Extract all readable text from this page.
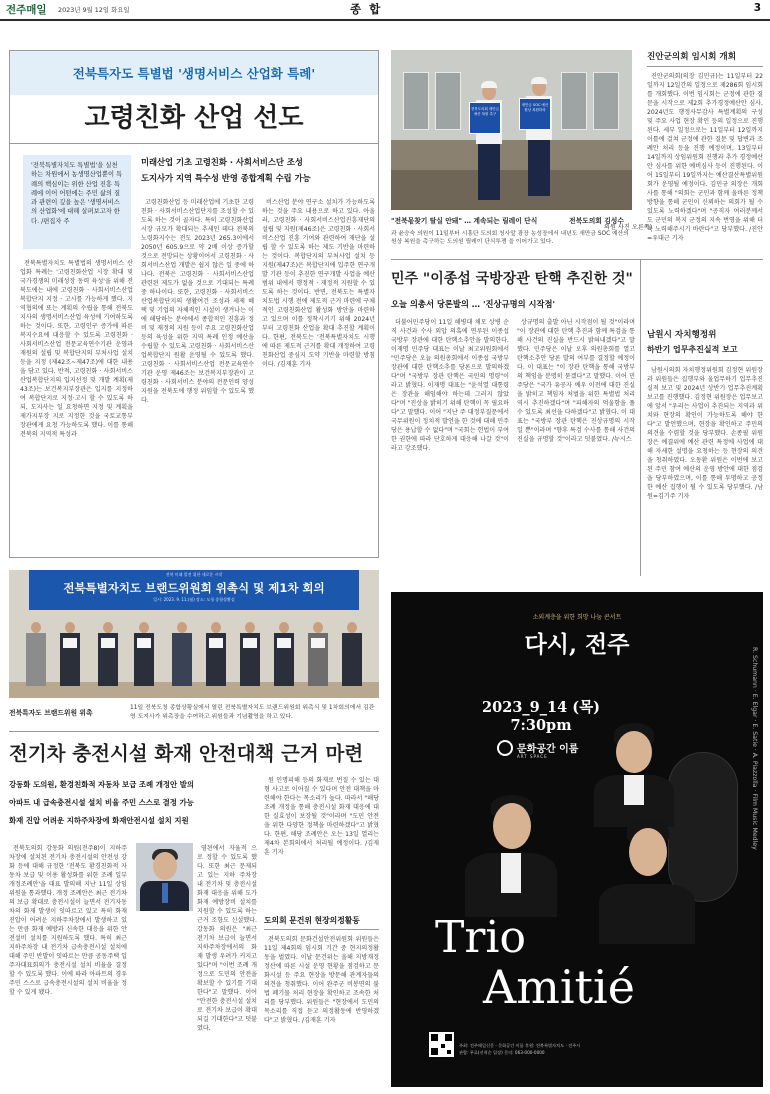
전주매일 2023년 9월 12일 화요일	종 합	3
전북특자도 특별법 '생명서비스 산업화 특례'
고령친화 산업 선도
'전북특별자치도 특별법'을 실천하는 차원에서 농생명산업뿐이 특례의 핵심이는 위한 산업 진흥 특례에 이어 어떤에는 주민 삶의 질과 관련이 깊을 높은 '생명서비스의 산업화'에 대해 살펴보고자 한다. /편집자 주
미래산업 기초 고령친화 · 사회서비스단 조성
도지사가 지역 특수성 반영 종합계획 수립 가능

전북특별자치도 특별법의 생명서비스 산업화 특례는 '고령친화산업 시장 확대 및 국가경쟁의 미래성장 동력 육성'을 위해 전북도에는 내에 고령친화 · 사회서비스산업복합단지 지정 · 고시를 가능하게 했다. 지역협의에 또는 계획의 수립을 통해 전북도지사의 생명서비스산업 육성에 기여하도록 하는 것이다. 또한, 고령인구 증가에 따른 복지수요에 대응할 수 있도록 고령친화 · 사회서비스산업 전문교육연수기관 운영과 재원의 설립 및 복합단지의 부처사업 설치 등을 지정 (제42조~제47조)에 대한 내용을 담고 있다. 반적, 고령친화 · 사회서비스산업복합단지의 입지선정 및 개발 계획(제43조)는 보건복지부장관은 입지를 지정하여 복합단지로 지정·고시 할 수 있도록 하되, 도지사는 일 요청하면 지정 및 계획을 제가지부장 지로 지정한 것을 국토교통부 장관에게 요청 가능하도록 했다. 이를 통해 전북의 지역적 특성과

고령친화산업 등 미래산업에 기초한 고령친화 · 사회서비스산업단지를 조성할 수 있도록 하는 것이 골자다. 특히 고령친화산업 시장 규모가 확대되는 추세인 데다 전북의 노령화지수는 전도 2023년 265.3이에서 2050년 605.9으로 약 2배 이상 증가할 것으로 전망되는 상황이어서 고령친화 · 사회서비스산업 개발은 쉽지 않은 일 중에 하나다. 전북은 고령친화 · 사회서비스산업 관련된 제도가 없을 것으로 기대되는 특례 중 하나이다. 또한, 고령친화 · 사회서비스산업복합단지의 생활여건 조성과 세제 혜택 및 기업의 자체적인 시설이 생겨나는 이에 해당하는 분야에서 종합적인 진흥과 정비 및 재정의 지원 등이 주요 고령친화산업 등의 육성을 위한 지역 특례 인정 예산을 수립할 수 있도록 고령친화 · 사회서비스산업복합단지 원활 운영될 수 있도록 했다. 고령친화 · 사회서비스산업 전문교육연수기관 운영 제46조는 보건복지부장관이 고령친화 · 사회서비스 분야의 전문인력 양성 지원을 전북도에 행정 위임할 수 있도록 했다.

비스산업 분야 연구소 설치가 가능하도록 하는 것을 주요 내용으로 하고 있다. 아울러, 고령친화 · 사회서비스산업진흥재단의 설립 및 지원(제46조)은 고령친화 · 사회서비스산업 진흥 기여와 관련하여 재단을 설립 할 수 있도록 하는 제도 기반을 마련하는 것이다. 복합단지의 부처사업 설치 등 지원(제47조)은 복합단지에 입주한 연구개발 기관 등이 추진한 연구개발 사업을 예산 범위 내에서 행정적 · 재정적 지원할 수 있도록 하는 것이다. 반면, 전북도는 특별자치도법 시행 전에 제도적 근거 마련에 구체적인 고령친화산업 활성화 방안을 마련하고 있으며 이를 정착시키기 위해 2024년부터 고령친화 산업을 확대 추진할 계획이다. 한편, 전북도는 '전북특별자치도 시행에 따른 제도적 근거를 확대 개정하여 고령친화산업 중심지 도약 기반을 마련할 방침이다. /김재훈 기자

전북도의회 새만금 예산 복원 촉구
새만금 SOC 예산 원상 복원하라
"전북몫찾기 탈실 안돼" … 계속되는 릴레이 단식	전북도의회 김성수
의원 사진 오른쪽)
과 윤승숙 의원이 11일부터 시흥단 도의회 청사앞 광장 농성장에서 내년도 새만금 SOC 예산의 원상 복원을 촉구하는 도의원 릴레이 단식투쟁 을 이어가고 있다.
진안군의회 임시회 개회

진안군의회(의장 김민규)는 11일부터 22일까지 12일간의 일정으로 제286회 임시회를 개회했다. 이번 임시회는 군정에 관한 질문을 시작으로 제2회 추가경정예산안 심사, 2024년도 행정사무감사 특별계획의 구성 및 주요 사업 현장 확인 등의 일정으로 진행된다. 세부 일정으로는 11일부터 12일까지 이틀에 걸쳐 군정에 관한 질문 및 답변과 조례안 처리 등을 진행 예정이며, 13일부터 14일까지 상임위원회 진행과 추가 경정예산안 심사를 위한 예비심사 등이 진행된다. 이어 15일부터 19일까지는 예산결산특별위원회가 운영될 예정이다. 김민규 의장은 개회사를 통해 "의회는 군민과 함께 올바른 정책 방향을 통해 군민이 신뢰하는 의회가 될 수 있도록 노력하겠다"며 "공직자 여러분께서도 군민의 복지 군정의 지속 번영을 위해 더욱 노력해주시기 바란다"고 당부했다. /진안=우대근 기자

남원시 자치행정위
하반기 업무추진실적 보고

남원시의회 자치행정위원회 김정현 위원장과 위원들은 집행부와 울업무하기 업무추진실적 보고 및 2024년 상반기 업무추진계획 보고를 진행했다. 김정현 위원장은 업무보고에 앞서 "우리는 사업이 추진되는 지역과 위치와 현장의 확인이 가능하도록 해야 한다"고 발언했으며, 현장을 확인하고 주민의 의견을 수렴할 것을 당부했다. 손종필 위원장은 예결위에 예산 관련 특정에 사업에 대해 자세한 설명을 요청하는 등 현장의 의견을 청취하였다. 오동환 위원은 이번에 보고된 주민 참여 예산의 운영 방안에 대한 점검을 당부하였으며, 이를 통해 투명하고 공정한 예산 집행이 될 수 있도록 당부했다. /남원=김기주 기자

민주 "이종섭 국방장관 탄핵 추진한 것"
오늘 의총서 당론발의 … '진상규명의 시작점'

더불어민주당이 11일 해병대 채모 상병 순직 사건과 수사 외압 의혹에 연루된 이종섭 국방부 장관에 대한 탄핵소추안을 발의한다. 이재명 민주당 대표는 이날 최고위원회에서 "민주당은 오늘 의원총회에서 이종섭 국방부 장관에 대한 탄핵소추를 당론으로 발의하겠다"며 "국방부 장관 탄핵은 국민의 명령"이라고 밝혔다. 이재명 대표는 "윤석열 대통령은 장관을 해임해야 하는데 그러지 않았다"며 "진상을 밝히기 위해 탄핵이 꼭 필요하다"고 말했다. 이어 "지난 주 대정부질문에서 국무위원이 정치적 발언을 한 것에 대해 민주당은 용납할 수 없다"며 "국회는 헌법이 부여한 권한에 따라 단호하게 대응해 나갈 것"이라고 강조했다.

상규명의 출발 아닌 시작점이 될 것"이라며 "이 장관에 대한 탄핵 추진과 함께 특검을 통해 사건의 진실을 반드시 밝혀내겠다"고 말했다. 민주당은 이날 오후 의원총회를 열고 탄핵소추안 당론 발의 여부를 결정할 예정이다. 이 대표는 "이 장관 탄핵을 통해 국방부의 책임을 분명히 묻겠다"고 말했다. 이어 민주당은 "국가 유공자 예우 이전에 대한 진실을 밝히고 책임자 처벌을 위한 특별법 처리 역시 추진하겠다"며 "피해자의 억울함을 풀 수 있도록 최선을 다하겠다"고 밝혔다. 이 대표는 "국방부 장관 탄핵은 진상규명의 시작일 뿐"이라며 "향후 특검 수사를 통해 사건의 진실을 규명할 것"이라고 덧붙였다. /뉴시스

전북 미래 발전 위한 새로운 시작
전북특별자치도 브랜드위원회 위촉식 및 제1차 회의
일시: 2023. 9. 11.(월) 장소: 도청 종합상황실
전북특자도 브랜드위원 위촉
11일 전북도청 종합상황실에서 열린 전북특별자치도 브랜드위원회 위촉식 및 1차회의에서 김관영 도지사가 위촉장을 수여하고 위원들과 기념촬영을 하고 있다.
전기차 충전시설 화재 안전대책 근거 마련
강동화 도의원, 환경친화적 자동차 보급 조례 개정안 발의
아파트 내 급속충전시설 설치 비율 주민 스스로 결정 가능
화재 진압 어려운 지하주차장에 화재안전시설 설치 지원

전북도의회 강동화 의원(전주8)이 지하주차장에 설치된 전기차 충전시설의 안전성 강화 등에 대해 규정한 '전북도 환경친화적 자동차 보급 및 이용 활성화를 위한 조례 일부개정조례안'을 대표 발의해 지난 11일 상임위원을 통과했다. 개정 조례안은 최근 전기차의 보급 확대로 충전시설이 늘면서 전기자동차의 화재 발생이 잇따르고 있고 특히 화재 진압이 어려운 지하주차장에서 발생하고 있는 만큼 화재 예방과 신속한 대응을 위한 안전설비 설치를 지원하도록 했다. 특히 최근 지하주차장 내 전기차 급속충전시설 설치에 대해 주민 반발이 잇따르는 만큼 공동주택 입주자대표회의가 충전시설 설치 비율을 결정할 수 있도록 했다. 이에 따라 아파트의 경우 주민 스스로 급속충전시설의 설치 비율을 정할 수 있게 됐다.

염된에서 자율적 으로 정할 수 있도록 했다. 또한 최근 문제되고 있는 지하 주차장 내 전기차 및 충전시설 화재 대응을 위해 도가 화재 예방장비 설치를 지원할 수 있도록 하는 근거 조항도 신설했다. 강동화 의원은 "최근 전기차 보급이 늘면서 지하주차장에서의 화재 발생 우려가 커지고 있다"며 "이번 조례 개정으로 도민의 안전을 확보할 수 있기를 기대한다"고 말했다. 이어 "안전한 충전시설 설치로 전기차 보급이 확대되길 기대한다"고 덧붙였다.

원 인명피해 등의 화재로 번질 수 있는 대형 사고로 이어질 수 있다며 안전 대책을 마련해야 한다는 목소리가 높다. 따라서 "해당 조례 개정을 통해 충전시설 화재 대응에 대한 실효성이 보장될 것"이라며 "도민 안전을 위한 다양한 정책을 마련하겠다"고 밝혔다. 한편, 해당 조례안은 오는 13일 열리는 제4차 본회의에서 처리될 예정이다. /김재훈 기자

도의회 문건위 현장의정활동

전북도의회 문화건설안전위원회 위원들은 11일 제4회의 임시회 기간 중 현지의정활동을 벌였다. 이날 문건위는 올해 지방재정 정산에 따른 시설 운영 현황을 점검하고 문화시설 등 주요 현장을 방문해 관계자들의 의견을 청취했다. 이어 완주군 비봉면의 불법 폐기물 처리 현장을 확인하고 조속한 처리를 당부했다. 위원들은 "현장에서 도민의 목소리를 직접 듣고 의정활동에 반영하겠다"고 밝혔다. /김재훈 기자

소외계층을 위한 희망 나눔 콘서트
다시, 전주
2023_9_14 (목)
7:30pm
문화공간 이룸
ART SPACE	R. Schumann · E. Elgar · E. Satie · A. Piazzolla · Film Music Medley
Trio
Amitié
주최: 전주매일신문 · 문화공간 이룸 후원: 전북특별자치도 · 전주시
관람: 무료(선착순 입장) 문의: 063-000-0000
